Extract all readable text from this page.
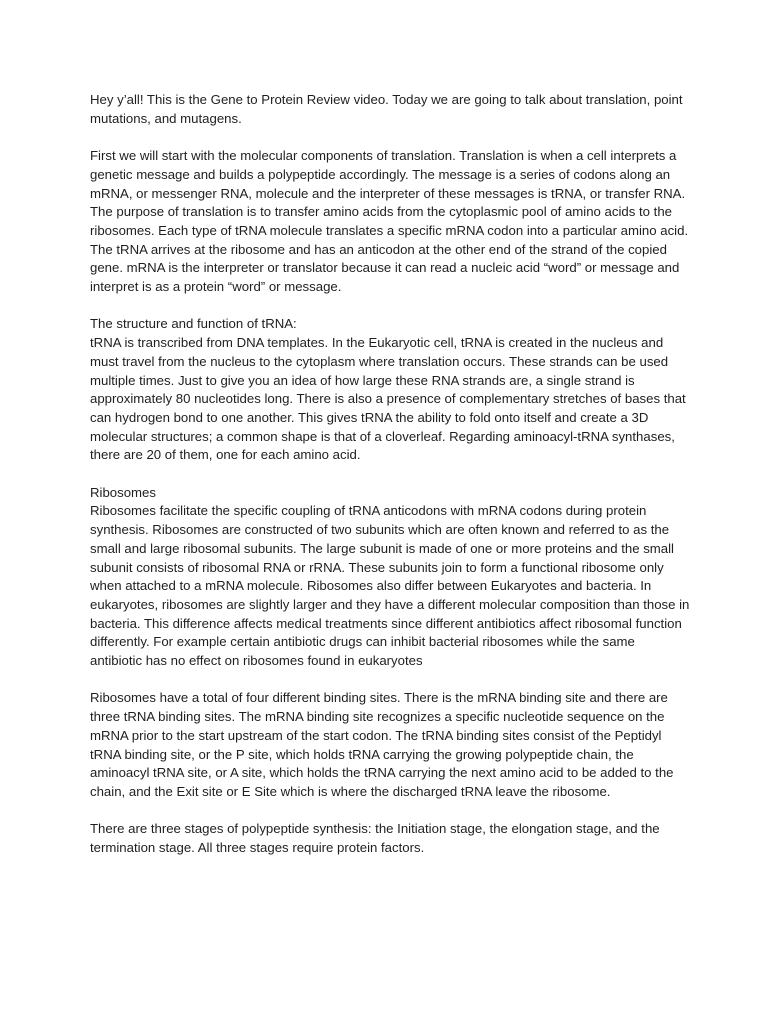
Hey y’all! This is the Gene to Protein Review video. Today we are going to talk about translation, point mutations, and mutagens.

First we will start with the molecular components of translation. Translation is when a cell interprets a genetic message and builds a polypeptide accordingly. The message is a series of codons along an mRNA, or messenger RNA, molecule and the interpreter of these messages is tRNA, or transfer RNA. The purpose of translation is to transfer amino acids from the cytoplasmic pool of amino acids to the ribosomes. Each type of tRNA molecule translates a specific mRNA codon into a particular amino acid. The tRNA arrives at the ribosome and has an anticodon at the other end of the strand of the copied gene. mRNA is the interpreter or translator because it can read a nucleic acid “word” or message and interpret is as a protein “word” or message.

The structure and function of tRNA:

tRNA is transcribed from DNA templates. In the Eukaryotic cell, tRNA is created in the nucleus and must travel from the nucleus to the cytoplasm where translation occurs. These strands can be used multiple times. Just to give you an idea of how large these RNA strands are, a single strand is approximately 80 nucleotides long. There is also a presence of complementary stretches of bases that can hydrogen bond to one another. This gives tRNA the ability to fold onto itself and create a 3D molecular structures; a common shape is that of a cloverleaf. Regarding aminoacyl-tRNA synthases, there are 20 of them, one for each amino acid.

Ribosomes

Ribosomes facilitate the specific coupling of tRNA anticodons with mRNA codons during protein synthesis. Ribosomes are constructed of two subunits which are often known and referred to as the small and large ribosomal subunits. The large subunit is made of one or more proteins and the small subunit consists of ribosomal RNA or rRNA. These subunits join to form a functional ribosome only when attached to a mRNA molecule. Ribosomes also differ between Eukaryotes and bacteria. In eukaryotes, ribosomes are slightly larger and they have a different molecular composition than those in bacteria. This difference affects medical treatments since different antibiotics affect ribosomal function differently. For example certain antibiotic drugs can inhibit bacterial ribosomes while the same antibiotic has no effect on ribosomes found in eukaryotes

Ribosomes have a total of four different binding sites. There is the mRNA binding site and there are three tRNA binding sites. The mRNA binding site recognizes a specific nucleotide sequence on the mRNA prior to the start upstream of the start codon. The tRNA binding sites consist of the Peptidyl tRNA binding site, or the P site, which holds tRNA carrying the growing polypeptide chain, the aminoacyl tRNA site, or A site, which holds the tRNA carrying the next amino acid to be added to the chain, and the Exit site or E Site which is where the discharged tRNA leave the ribosome.

There are three stages of polypeptide synthesis: the Initiation stage, the elongation stage, and the termination stage. All three stages require protein factors.
